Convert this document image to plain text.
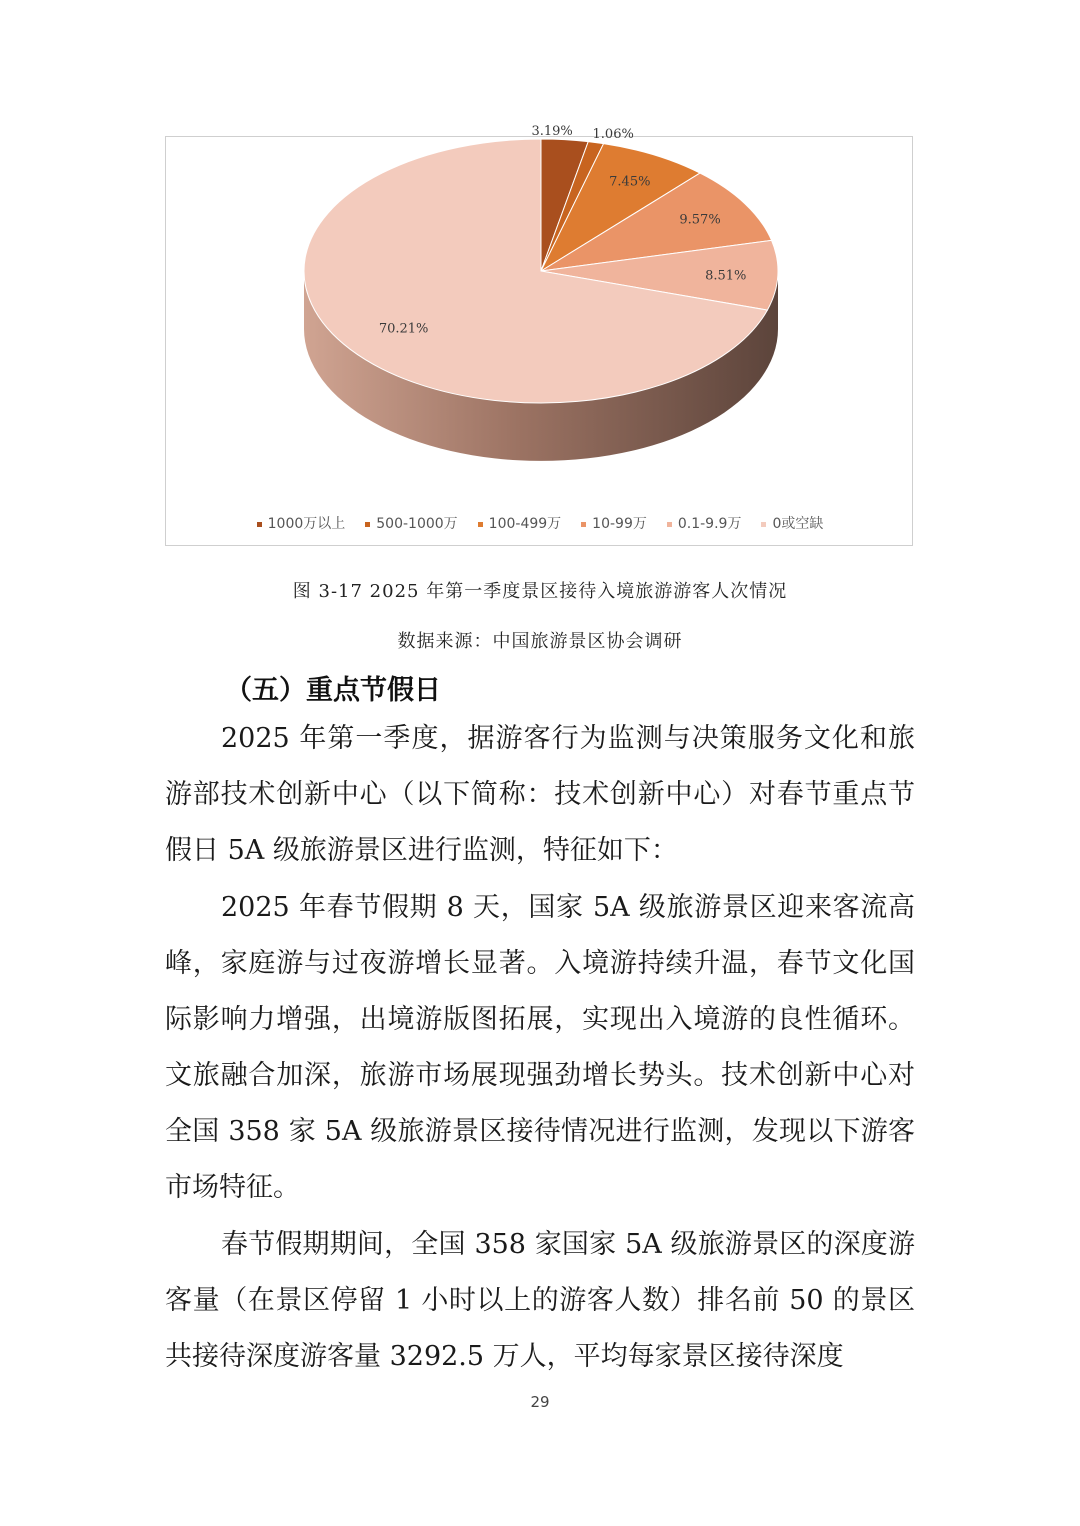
3.19% 1.06%
7.45%
9.57%
8.51%
70.21%
1000万以上 500-1000万 100-499万 10-99万 0.1-9.9万 0或空缺
图 3-17 2025 年第一季度景区接待入境旅游游客人次情况
数据来源：中国旅游景区协会调研
（五）重点节假日

2025 年第一季度，据游客行为监测与决策服务文化和旅游部技术创新中心（以下简称：技术创新中心）对春节重点节假日 5A 级旅游景区进行监测，特征如下：

2025 年春节假期 8 天，国家 5A 级旅游景区迎来客流高峰，家庭游与过夜游增长显著。入境游持续升温，春节文化国际影响力增强，出境游版图拓展，实现出入境游的良性循环。文旅融合加深，旅游市场展现强劲增长势头。技术创新中心对全国 358 家 5A 级旅游景区接待情况进行监测，发现以下游客市场特征。

春节假期期间，全国 358 家国家 5A 级旅游景区的深度游客量（在景区停留 1 小时以上的游客人数）排名前 50 的景区共接待深度游客量 3292.5 万人，平均每家景区接待深度

29
